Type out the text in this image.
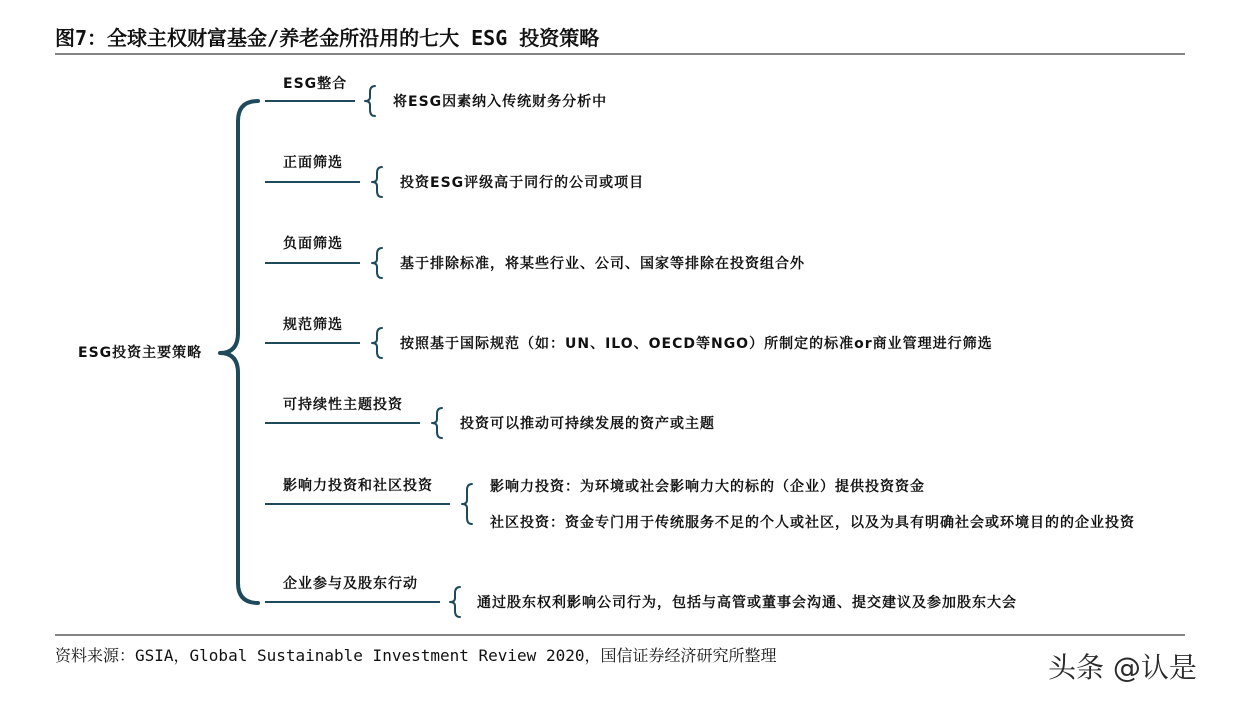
图7：全球主权财富基金/养老金所沿用的七大 ESG 投资策略
ESG投资主要策略
ESG整合
将ESG因素纳入传统财务分析中
正面筛选
投资ESG评级高于同行的公司或项目
负面筛选
基于排除标准，将某些行业、公司、国家等排除在投资组合外
规范筛选
按照基于国际规范（如：UN、ILO、OECD等NGO）所制定的标准or商业管理进行筛选
可持续性主题投资
投资可以推动可持续发展的资产或主题
影响力投资和社区投资	影响力投资：为环境或社会影响力大的标的（企业）提供投资资金
社区投资：资金专门用于传统服务不足的个人或社区，以及为具有明确社会或环境目的的企业投资
企业参与及股东行动
通过股东权利影响公司行为，包括与高管或董事会沟通、提交建议及参加股东大会
资料来源：GSIA，Global Sustainable Investment Review 2020，国信证券经济研究所整理	头条 @认是
